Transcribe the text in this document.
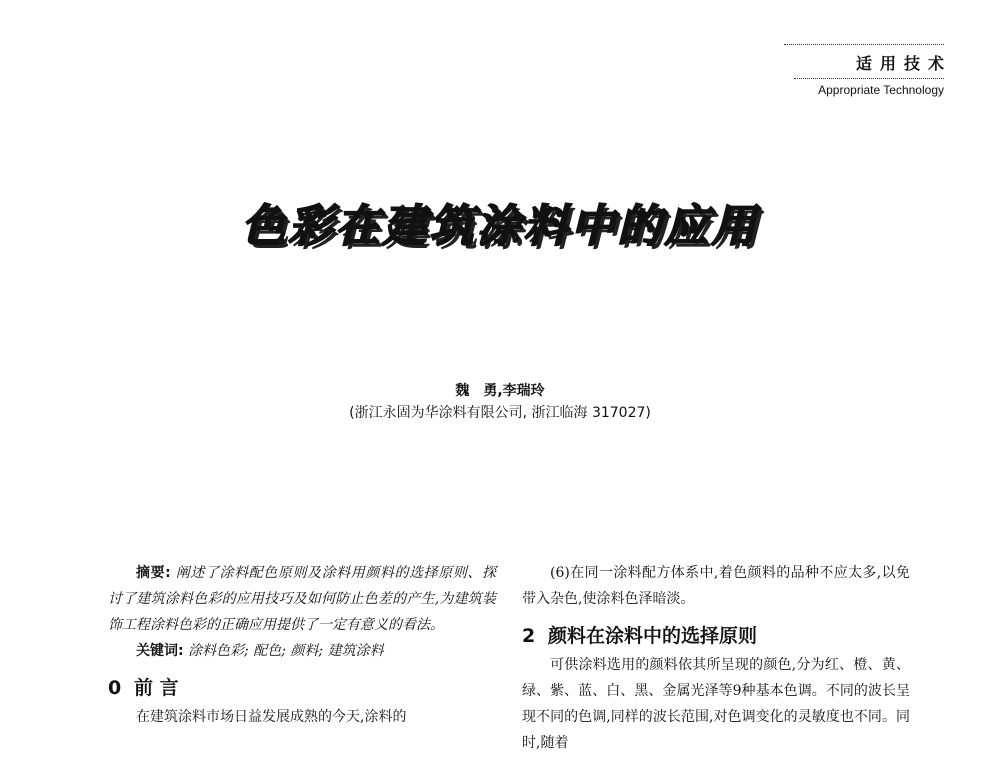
适用技术
Appropriate Technology
色彩在建筑涂料中的应用
魏　勇,李瑞玲
(浙江永固为华涂料有限公司, 浙江临海 317027)

摘要: 阐述了涂料配色原则及涂料用颜料的选择原则、探讨了建筑涂料色彩的应用技巧及如何防止色差的产生,为建筑装饰工程涂料色彩的正确应用提供了一定有意义的看法。

关键词: 涂料色彩; 配色; 颜料; 建筑涂料

0 前 言

在建筑涂料市场日益发展成熟的今天,涂料的

(6)在同一涂料配方体系中,着色颜料的品种不应太多,以免带入杂色,使涂料色泽暗淡。

2 颜料在涂料中的选择原则

可供涂料选用的颜料依其所呈现的颜色,分为红、橙、黄、绿、紫、蓝、白、黑、金属光泽等9种基本色调。不同的波长呈现不同的色调,同样的波长范围,对色调变化的灵敏度也不同。同时,随着
